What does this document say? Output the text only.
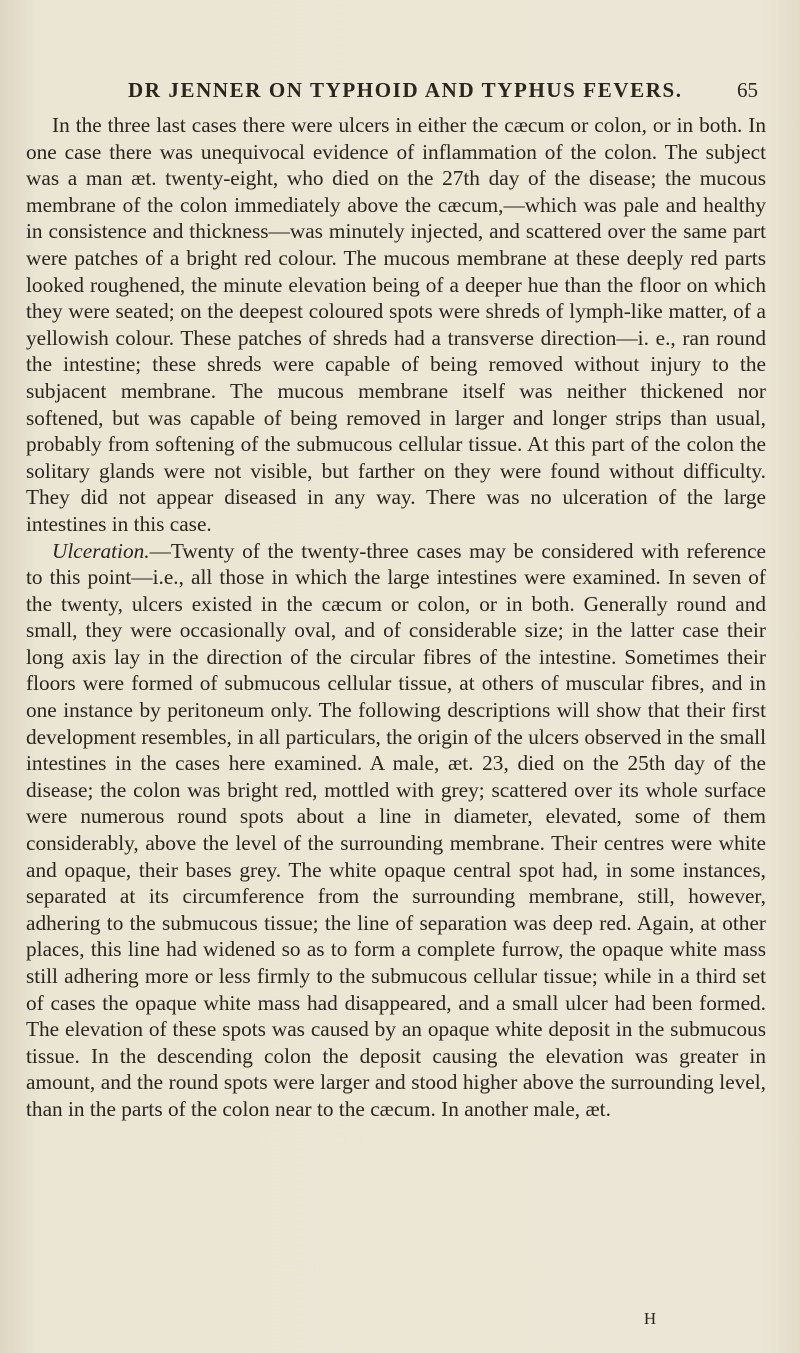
DR JENNER ON TYPHOID AND TYPHUS FEVERS.	65

In the three last cases there were ulcers in either the cæcum or colon, or in both. In one case there was unequivocal evidence of inflammation of the colon. The subject was a man æt. twenty-eight, who died on the 27th day of the disease; the mucous membrane of the colon immediately above the cæcum,—which was pale and healthy in consistence and thickness—was minutely injected, and scattered over the same part were patches of a bright red colour. The mucous membrane at these deeply red parts looked roughened, the minute elevation being of a deeper hue than the floor on which they were seated; on the deepest coloured spots were shreds of lymph-like matter, of a yellowish colour. These patches of shreds had a transverse direction—i. e., ran round the intestine; these shreds were capable of being removed without injury to the subjacent membrane. The mucous membrane itself was neither thickened nor softened, but was capable of being removed in larger and longer strips than usual, probably from softening of the submucous cellular tissue. At this part of the colon the solitary glands were not visible, but farther on they were found without difficulty. They did not appear diseased in any way. There was no ulceration of the large intestines in this case.

Ulceration.—Twenty of the twenty-three cases may be considered with reference to this point—i.e., all those in which the large intestines were examined. In seven of the twenty, ulcers existed in the cæcum or colon, or in both. Generally round and small, they were occasionally oval, and of considerable size; in the latter case their long axis lay in the direction of the circular fibres of the intestine. Sometimes their floors were formed of submucous cellular tissue, at others of muscular fibres, and in one instance by peritoneum only. The following descriptions will show that their first development resembles, in all particulars, the origin of the ulcers observed in the small intestines in the cases here examined. A male, æt. 23, died on the 25th day of the disease; the colon was bright red, mottled with grey; scattered over its whole surface were numerous round spots about a line in diameter, elevated, some of them considerably, above the level of the surrounding membrane. Their centres were white and opaque, their bases grey. The white opaque central spot had, in some instances, separated at its circumference from the surrounding membrane, still, however, adhering to the submucous tissue; the line of separation was deep red. Again, at other places, this line had widened so as to form a complete furrow, the opaque white mass still adhering more or less firmly to the submucous cellular tissue; while in a third set of cases the opaque white mass had disappeared, and a small ulcer had been formed. The elevation of these spots was caused by an opaque white deposit in the submucous tissue. In the descending colon the deposit causing the elevation was greater in amount, and the round spots were larger and stood higher above the surrounding level, than in the parts of the colon near to the cæcum. In another male, æt.

H
